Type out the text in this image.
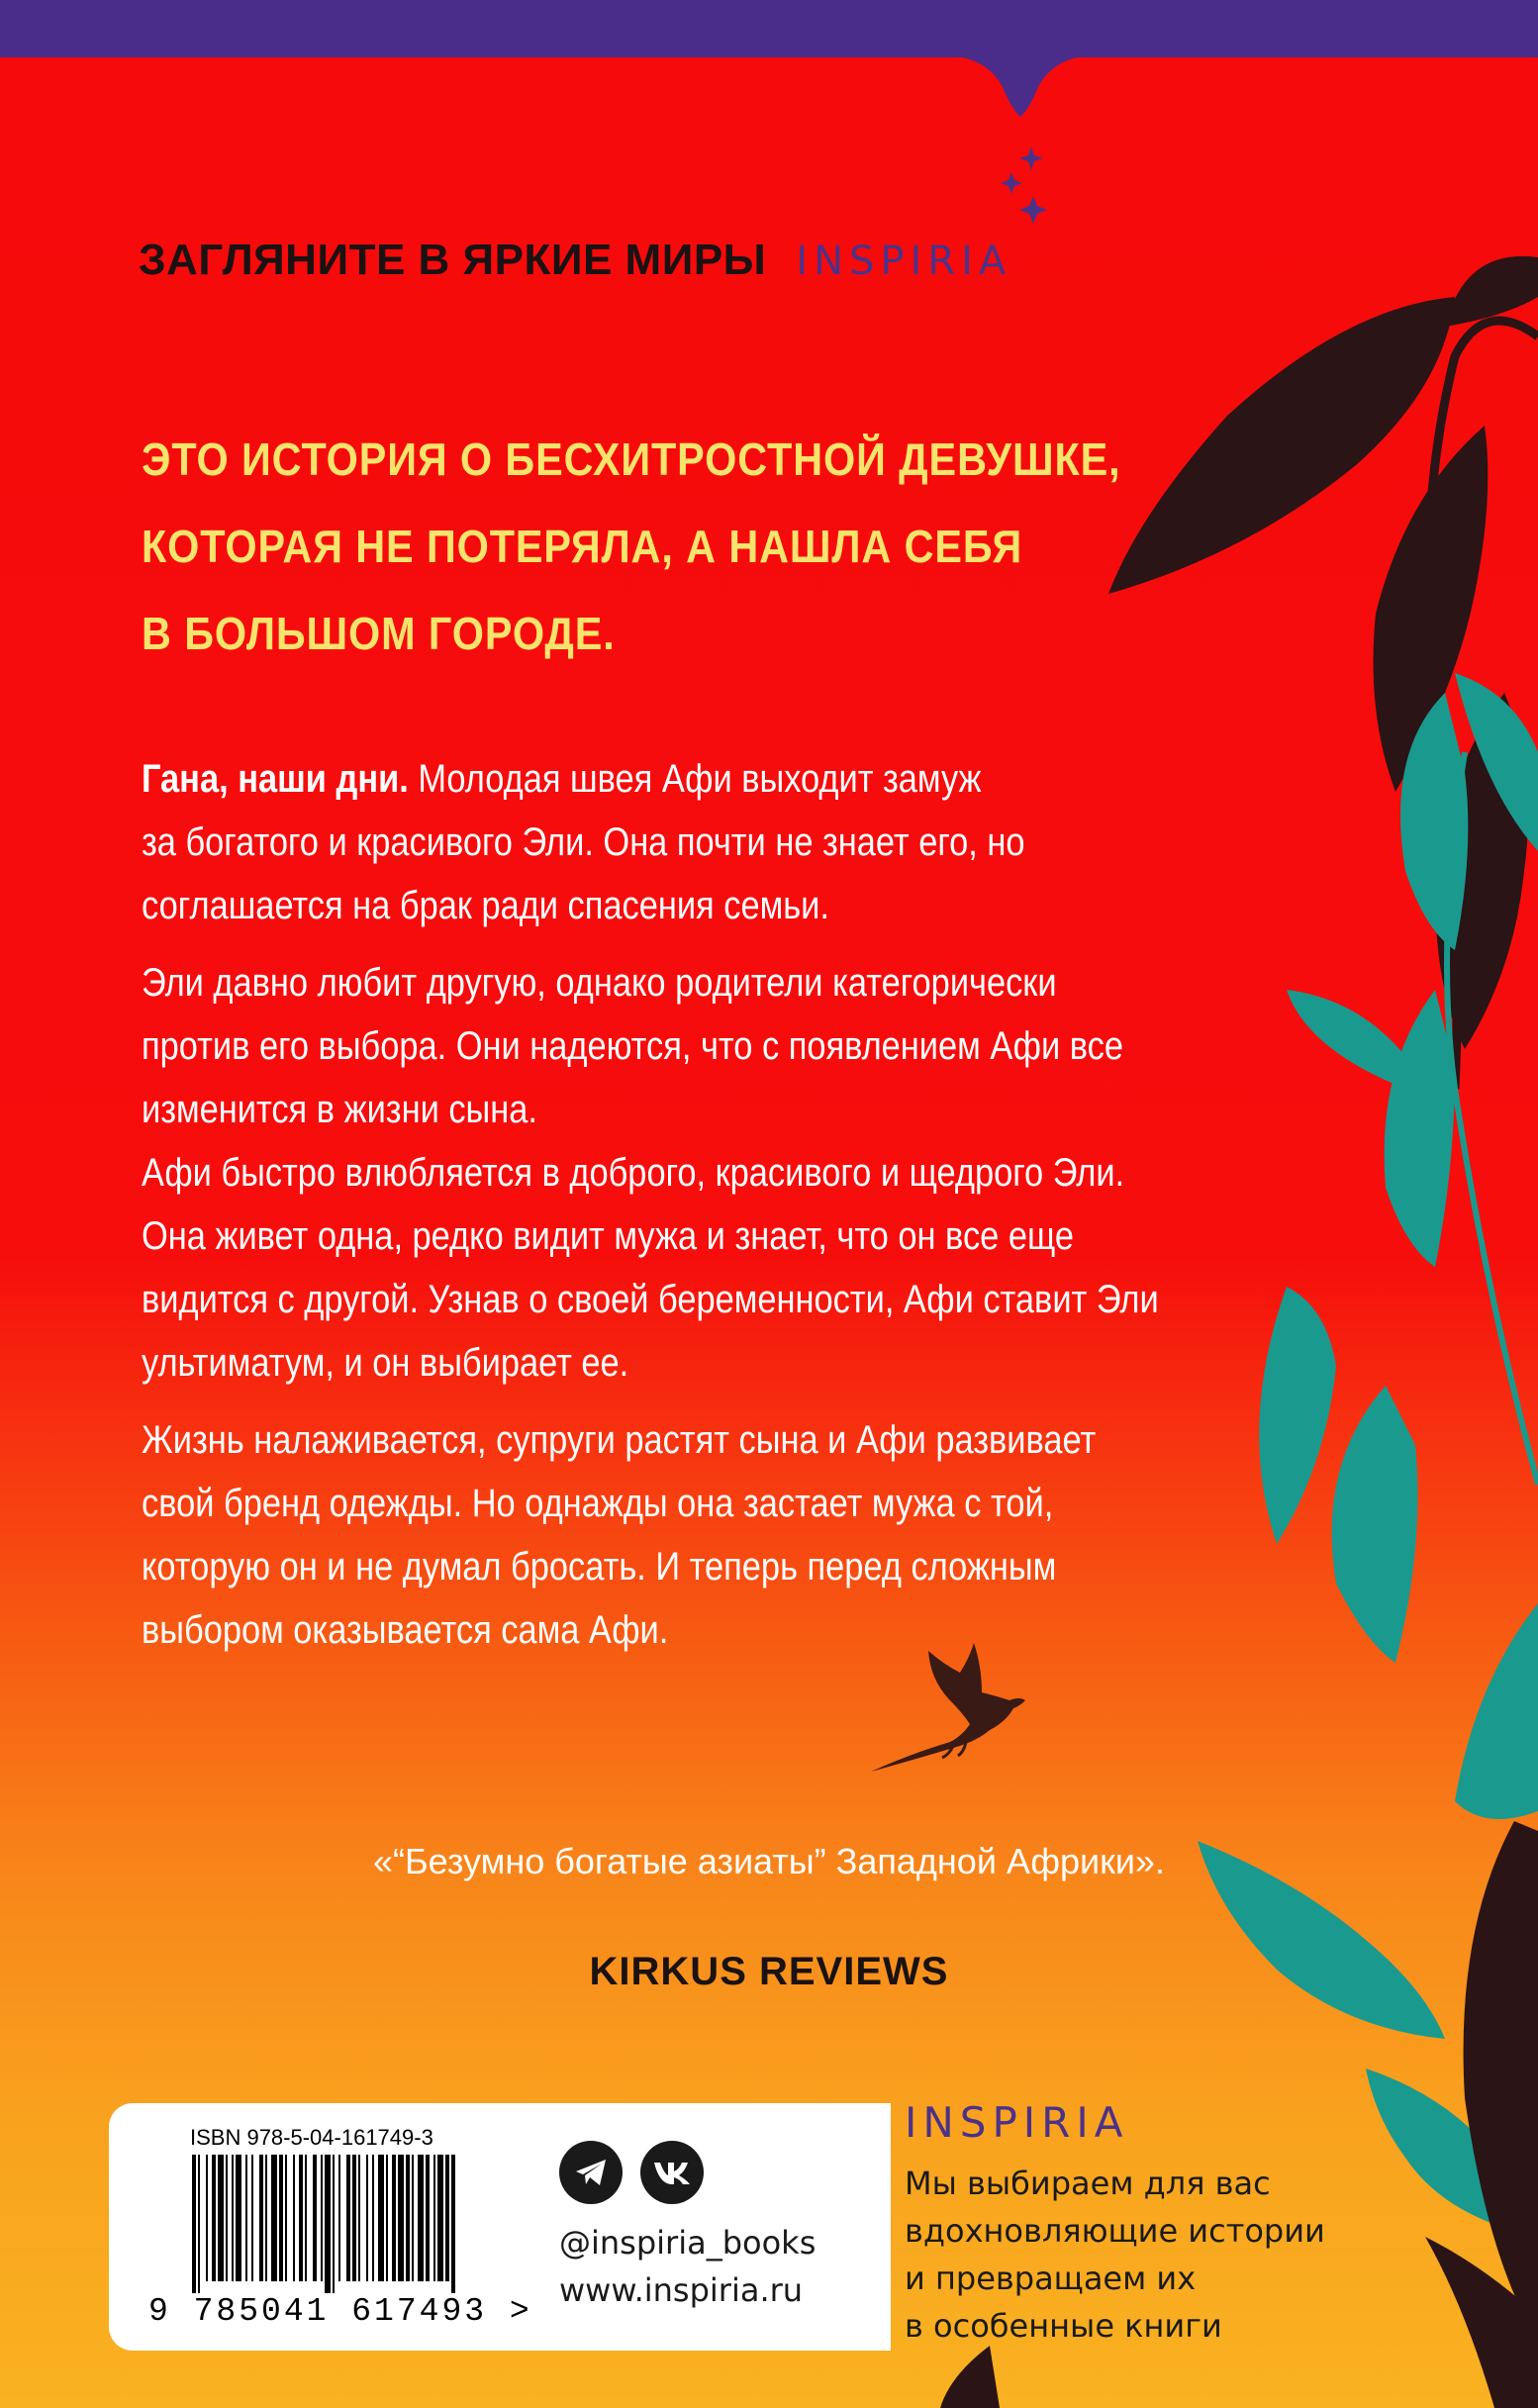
ЗАГЛЯНИТЕ В ЯРКИЕ МИРЫ INSPIRIA
ЭТО ИСТОРИЯ О БЕСХИТРОСТНОЙ ДЕВУШКЕ,
КОТОРАЯ НЕ ПОТЕРЯЛА, А НАШЛА СЕБЯ
В БОЛЬШОМ ГОРОДЕ.
Гана, наши дни. Молодая швея Афи выходит замуж
за богатого и красивого Эли. Она почти не знает его, но
соглашается на брак ради спасения семьи.
Эли давно любит другую, однако родители категорически
против его выбора. Они надеются, что с появлением Афи все
изменится в жизни сына.
Афи быстро влюбляется в доброго, красивого и щедрого Эли.
Она живет одна, редко видит мужа и знает, что он все еще
видится с другой. Узнав о своей беременности, Афи ставит Эли
ультиматум, и он выбирает ее.
Жизнь налаживается, супруги растят сына и Афи развивает
свой бренд одежды. Но однажды она застает мужа с той,
которую он и не думал бросать. И теперь перед сложным
выбором оказывается сама Афи.
«“Безумно богатые азиаты” Западной Африки».
KIRKUS REVIEWS
ISBN 978-5-04-161749-3
9 785041 617493 >
@inspiria_books
www.inspiria.ru
INSPIRIA
Мы выбираем для вас
вдохновляющие истории
и превращаем их
в особенные книги
